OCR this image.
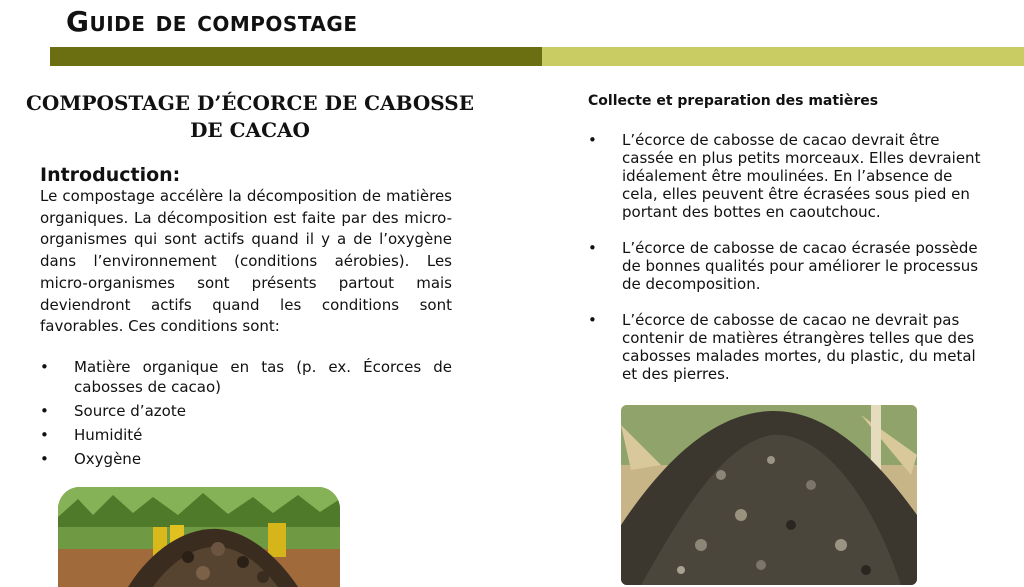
Guide de compostage
COMPOSTAGE D’ÉCORCE DE CABOSSE DE CACAO
Introduction:

Le compostage accélère la décomposition de matières organiques. La décomposition est faite par des micro-organismes qui sont actifs quand il y a de l’oxygène dans l’environnement (conditions aérobies). Les micro-organismes sont présents partout mais deviendront actifs quand les conditions sont favorables. Ces conditions sont:

• Matière organique en tas (p. ex. Écorces de cabosses de cacao)
• Source d’azote
• Humidité
• Oxygène
Collecte et preparation des matières
• L’écorce de cabosse de cacao devrait être cassée en plus petits morceaux. Elles devraient idéalement être moulinées. En l’absence de cela, elles peuvent être écrasées sous pied en portant des bottes en caoutchouc.
• L’écorce de cabosse de cacao écrasée possède de bonnes qualités pour améliorer le processus de decomposition.
• L’écorce de cabosse de cacao ne devrait pas contenir de matières étrangères telles que des cabosses malades mortes, du plastic, du metal et des pierres.
